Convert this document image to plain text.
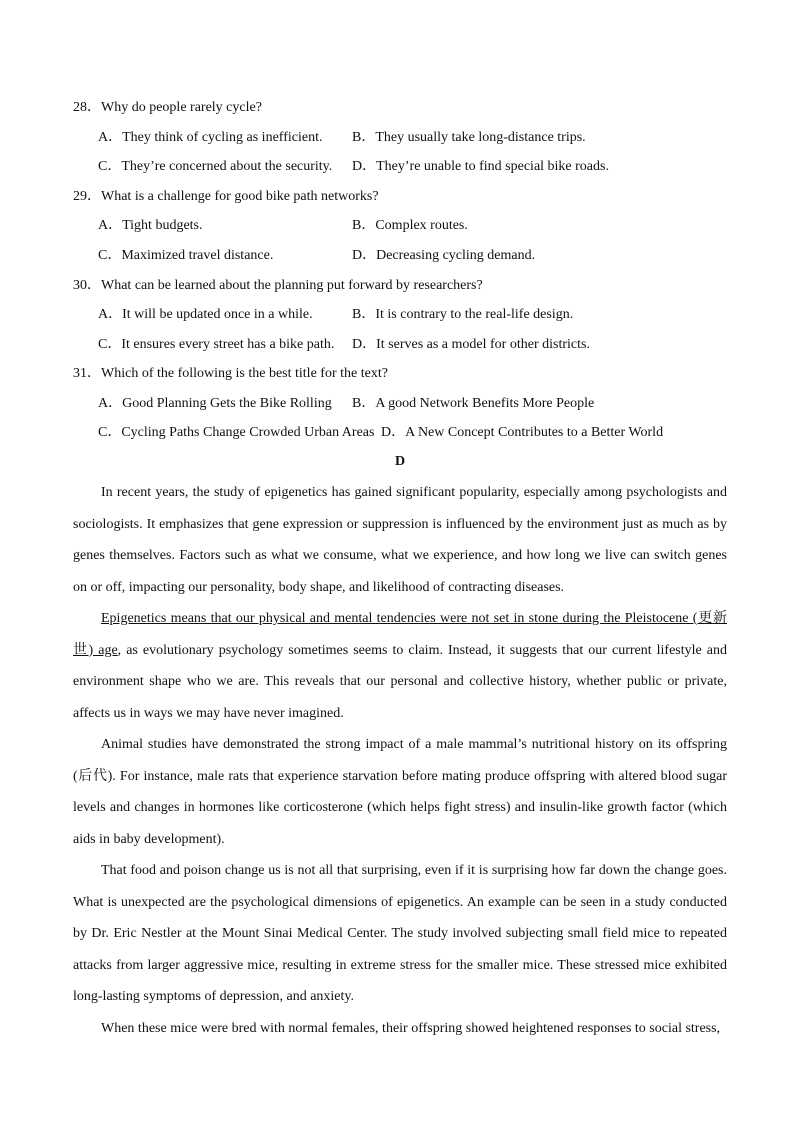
28．Why do people rarely cycle?
A．They think of cycling as inefficient. B．They usually take long-distance trips.
C．They’re concerned about the security. D．They’re unable to find special bike roads.
29．What is a challenge for good bike path networks?
A．Tight budgets.	B．Complex routes.
C．Maximized travel distance.	D．Decreasing cycling demand.
30．What can be learned about the planning put forward by researchers?
A．It will be updated once in a while.	B．It is contrary to the real-life design.
C．It ensures every street has a bike path. D．It serves as a model for other districts.
31．Which of the following is the best title for the text?
A．Good Planning Gets the Bike Rolling B．A good Network Benefits More People
C．Cycling Paths Change Crowded Urban Areas D．A New Concept Contributes to a Better World
D

In recent years, the study of epigenetics has gained significant popularity, especially among psychologists and sociologists. It emphasizes that gene expression or suppression is influenced by the environment just as much as by genes themselves. Factors such as what we consume, what we experience, and how long we live can switch genes on or off, impacting our personality, body shape, and likelihood of contracting diseases.

Epigenetics means that our physical and mental tendencies were not set in stone during the Pleistocene (更新世) age, as evolutionary psychology sometimes seems to claim. Instead, it suggests that our current lifestyle and environment shape who we are. This reveals that our personal and collective history, whether public or private, affects us in ways we may have never imagined.

Animal studies have demonstrated the strong impact of a male mammal’s nutritional history on its offspring (后代). For instance, male rats that experience starvation before mating produce offspring with altered blood sugar levels and changes in hormones like corticosterone (which helps fight stress) and insulin-like growth factor (which aids in baby development).

That food and poison change us is not all that surprising, even if it is surprising how far down the change goes. What is unexpected are the psychological dimensions of epigenetics. An example can be seen in a study conducted by Dr. Eric Nestler at the Mount Sinai Medical Center. The study involved subjecting small field mice to repeated attacks from larger aggressive mice, resulting in extreme stress for the smaller mice. These stressed mice exhibited long-lasting symptoms of depression, and anxiety.

When these mice were bred with normal females, their offspring showed heightened responses to social stress,
